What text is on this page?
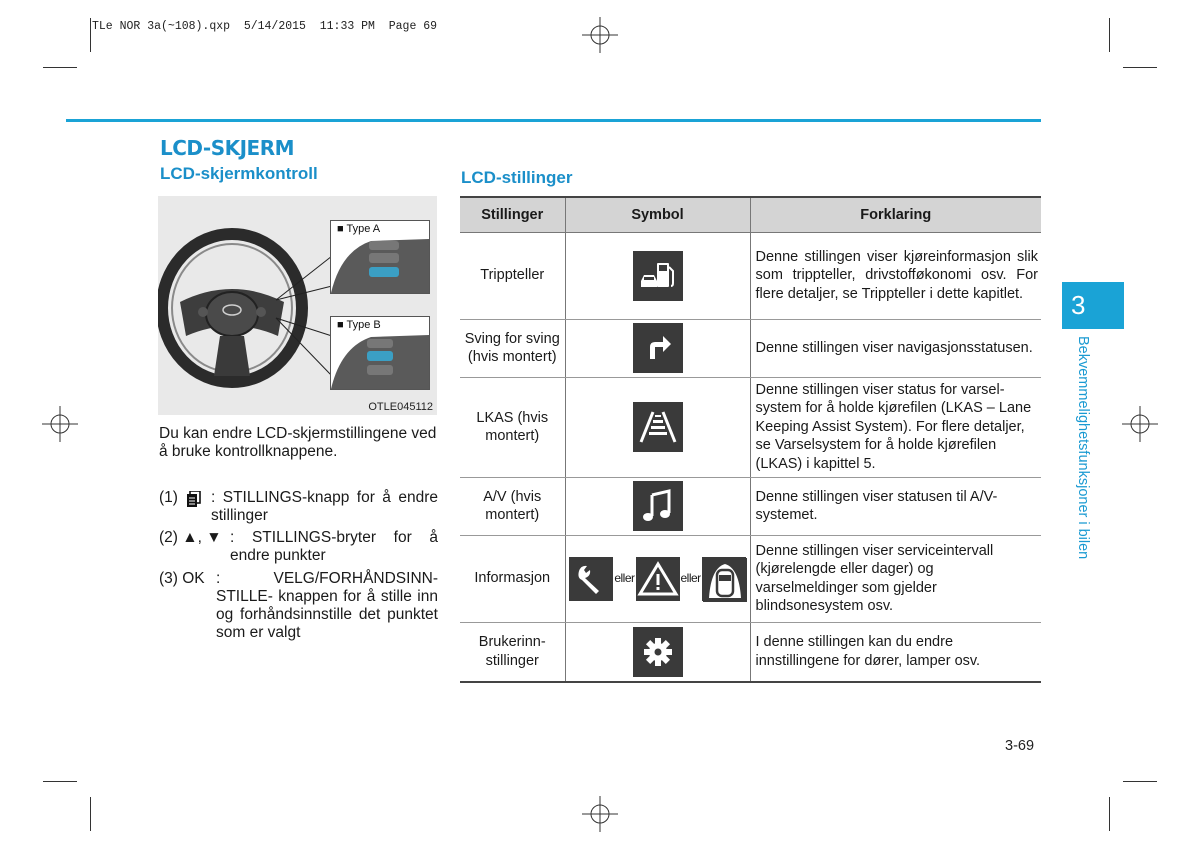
TLe NOR 3a(~108).qxp  5/14/2015  11:33 PM  Page 69
LCD-SKJERM
LCD-skjermkontroll	LCD-stillinger
■ Type A
■ Type B
OTLE045112
Du kan endre LCD-skjermstillingene ved å bruke kontrollknappene.
(1) : STILLINGS-knapp for å endre stillinger
(2) ▲, ▼ : STILLINGS-bryter for å endre punkter
(3) OK : VELG/FORHÅNDSINN-STILLE- knappen for å stille inn og forhåndsinnstille det punktet som er valgt
Stillinger	Symbol	Forklaring
Trippteller		Denne stillingen viser kjøreinformasjon slik som trippteller, drivstofføkonomi osv. For flere detaljer, se Trippteller i dette kapitlet.
Sving for sving (hvis montert)		Denne stillingen viser navigasjonsstatusen.
LKAS (hvis montert)		Denne stillingen viser status for varsel-system for å holde kjørefilen (LKAS – Lane Keeping Assist System). For flere detaljer, se Varselsystem for å holde kjørefilen (LKAS) i kapittel 5.
A/V (hvis montert)		Denne stillingen viser statusen til A/V-systemet.
Informasjon	eller eller	Denne stillingen viser serviceintervall (kjørelengde eller dager) og varselmeldinger som gjelder blindsonesystem osv.
Brukerinn-stillinger		I denne stillingen kan du endre innstillingene for dører, lamper osv.
3
Bekvemmelighetsfunksjoner i bilen
3-69
